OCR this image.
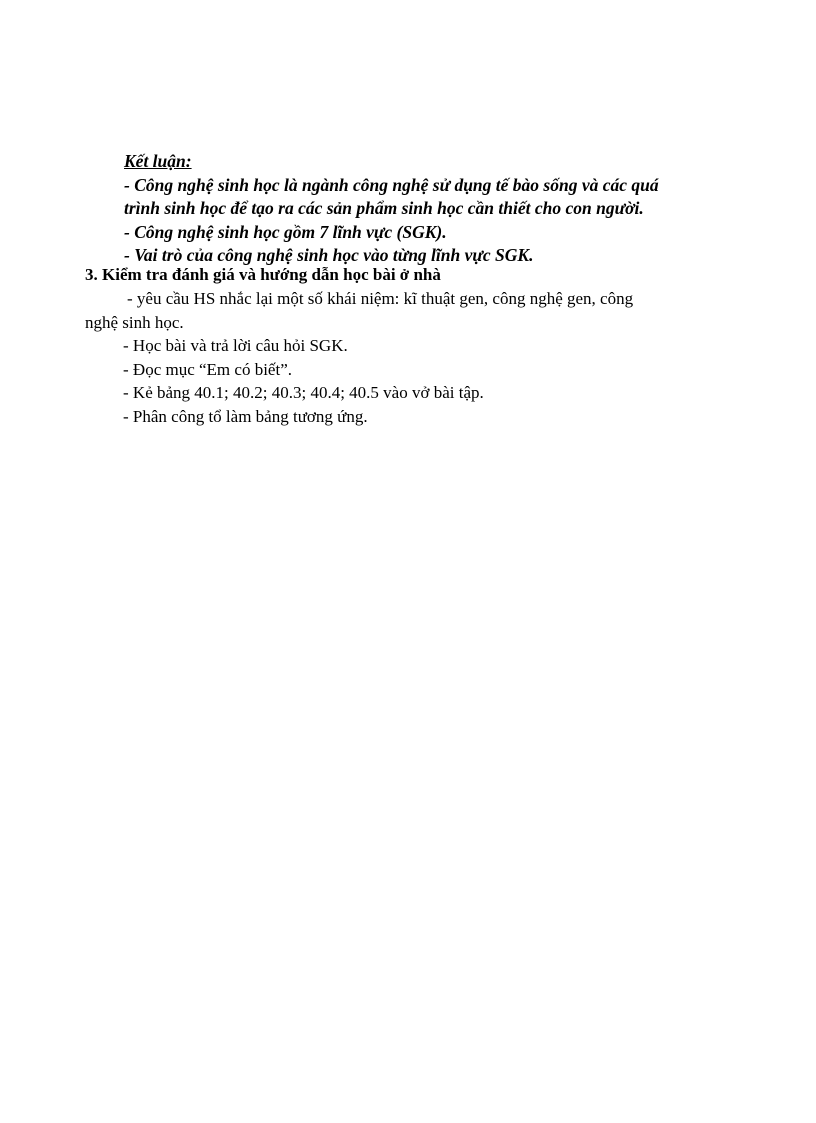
Kết luận:

- Công nghệ sinh học là ngành công nghệ sử dụng tế bào sống và các quá

trình sinh học để tạo ra các sản phẩm sinh học cần thiết cho con người.

- Công nghệ sinh học gồm 7 lĩnh vực (SGK).

- Vai trò của công nghệ sinh học vào từng lĩnh vực SGK.

3. Kiểm tra đánh giá và hướng dẫn học bài ở nhà

- yêu cầu HS nhắc lại một số khái niệm: kĩ thuật gen, công nghệ gen, công

nghệ sinh học.

- Học bài và trả lời câu hỏi SGK.

- Đọc mục “Em có biết”.

- Kẻ bảng 40.1; 40.2; 40.3; 40.4; 40.5 vào vở bài tập.

- Phân công tổ làm bảng tương ứng.
